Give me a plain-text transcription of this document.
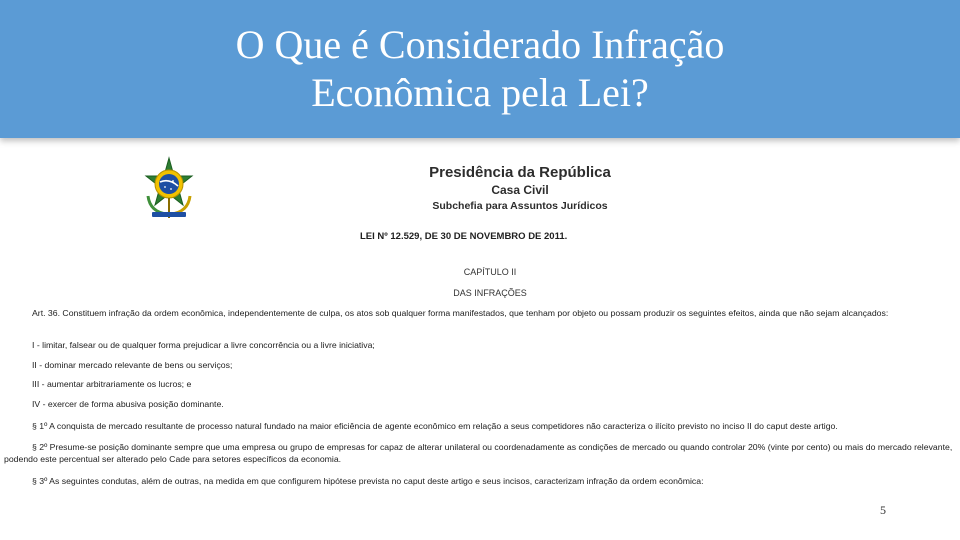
O Que é Considerado Infração
Econômica pela Lei?
Presidência da República
Casa Civil
Subchefia para Assuntos Jurídicos
LEI Nº 12.529, DE 30 DE NOVEMBRO DE 2011.
CAPÍTULO II
DAS INFRAÇÕES
Art. 36. Constituem infração da ordem econômica, independentemente de culpa, os atos sob qualquer forma manifestados, que tenham por objeto ou possam produzir os seguintes efeitos, ainda que não sejam alcançados:
I - limitar, falsear ou de qualquer forma prejudicar a livre concorrência ou a livre iniciativa;
II - dominar mercado relevante de bens ou serviços;
III - aumentar arbitrariamente os lucros; e
IV - exercer de forma abusiva posição dominante.
§ 1º A conquista de mercado resultante de processo natural fundado na maior eficiência de agente econômico em relação a seus competidores não caracteriza o ilícito previsto no inciso II do caput deste artigo.
§ 2º Presume-se posição dominante sempre que uma empresa ou grupo de empresas for capaz de alterar unilateral ou coordenadamente as condições de mercado ou quando controlar 20% (vinte por cento) ou mais do mercado relevante, podendo este percentual ser alterado pelo Cade para setores específicos da economia.
§ 3º As seguintes condutas, além de outras, na medida em que configurem hipótese prevista no caput deste artigo e seus incisos, caracterizam infração da ordem econômica:
5
